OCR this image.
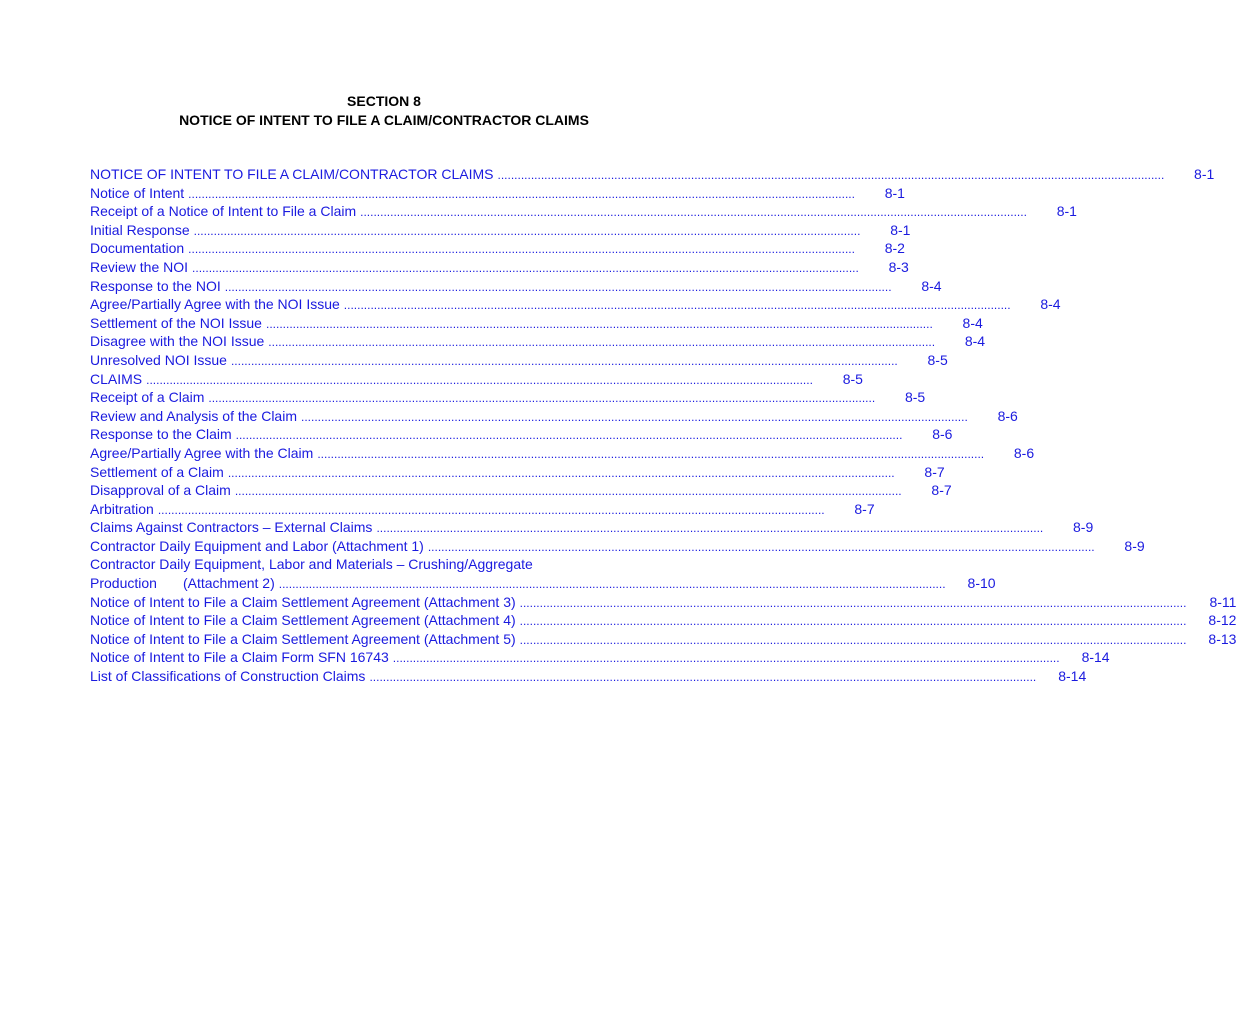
SECTION 8
NOTICE OF INTENT TO FILE A CLAIM/CONTRACTOR CLAIMS
NOTICE OF INTENT TO FILE A CLAIM/CONTRACTOR CLAIMS ........................................................................................................................................................................................................	8-1
Notice of Intent ........................................................................................................................................................................................................	8-1
Receipt of a Notice of Intent to File a Claim ........................................................................................................................................................................................................	8-1
Initial Response ........................................................................................................................................................................................................	8-1
Documentation ........................................................................................................................................................................................................	8-2
Review the NOI ........................................................................................................................................................................................................	8-3
Response to the NOI ........................................................................................................................................................................................................	8-4
Agree/Partially Agree with the NOI Issue ........................................................................................................................................................................................................	8-4
Settlement of the NOI Issue ........................................................................................................................................................................................................	8-4
Disagree with the NOI Issue ........................................................................................................................................................................................................	8-4
Unresolved NOI Issue ........................................................................................................................................................................................................	8-5
CLAIMS ........................................................................................................................................................................................................	8-5
Receipt of a Claim ........................................................................................................................................................................................................	8-5
Review and Analysis of the Claim ........................................................................................................................................................................................................	8-6
Response to the Claim ........................................................................................................................................................................................................	8-6
Agree/Partially Agree with the Claim ........................................................................................................................................................................................................	8-6
Settlement of a Claim ........................................................................................................................................................................................................	8-7
Disapproval of a Claim ........................................................................................................................................................................................................	8-7
Arbitration ........................................................................................................................................................................................................	8-7
Claims Against Contractors – External Claims ........................................................................................................................................................................................................	8-9
Contractor Daily Equipment and Labor (Attachment 1) ........................................................................................................................................................................................................	8-9
Contractor Daily Equipment, Labor and Materials – Crushing/Aggregate
Production (Attachment 2) ........................................................................................................................................................................................................	8-10
Notice of Intent to File a Claim Settlement Agreement (Attachment 3) ........................................................................................................................................................................................................	8-11
Notice of Intent to File a Claim Settlement Agreement (Attachment 4) ........................................................................................................................................................................................................	8-12
Notice of Intent to File a Claim Settlement Agreement (Attachment 5) ........................................................................................................................................................................................................	8-13
Notice of Intent to File a Claim Form SFN 16743 ........................................................................................................................................................................................................	8-14
List of Classifications of Construction Claims ........................................................................................................................................................................................................	8-14
